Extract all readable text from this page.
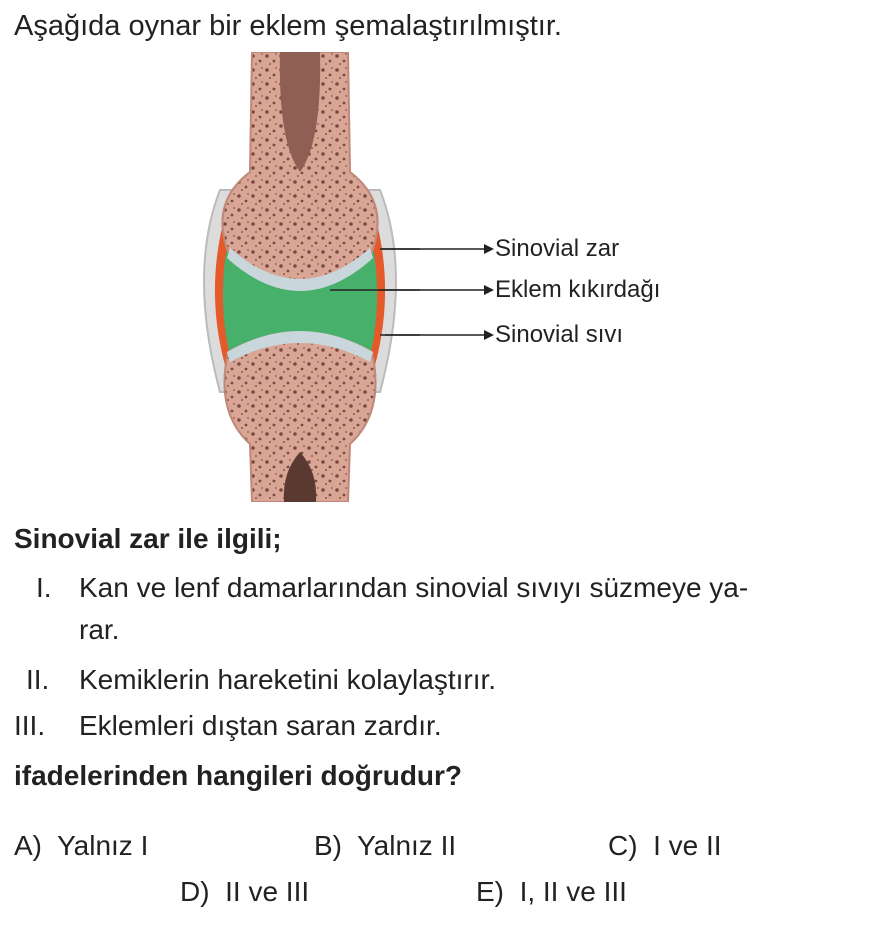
Aşağıda oynar bir eklem şemalaştırılmıştır.
Sinovial zar
Eklem kıkırdağı
Sinovial sıvı
Sinovial zar ile ilgili;
I. Kan ve lenf damarlarından sinovial sıvıyı süzmeye ya-
rar.
II. Kemiklerin hareketini kolaylaştırır.
III. Eklemleri dıştan saran zardır.
ifadelerinden hangileri doğrudur?
A) Yalnız I	B) Yalnız II	C) I ve II
D) II ve III	E) I, II ve III
